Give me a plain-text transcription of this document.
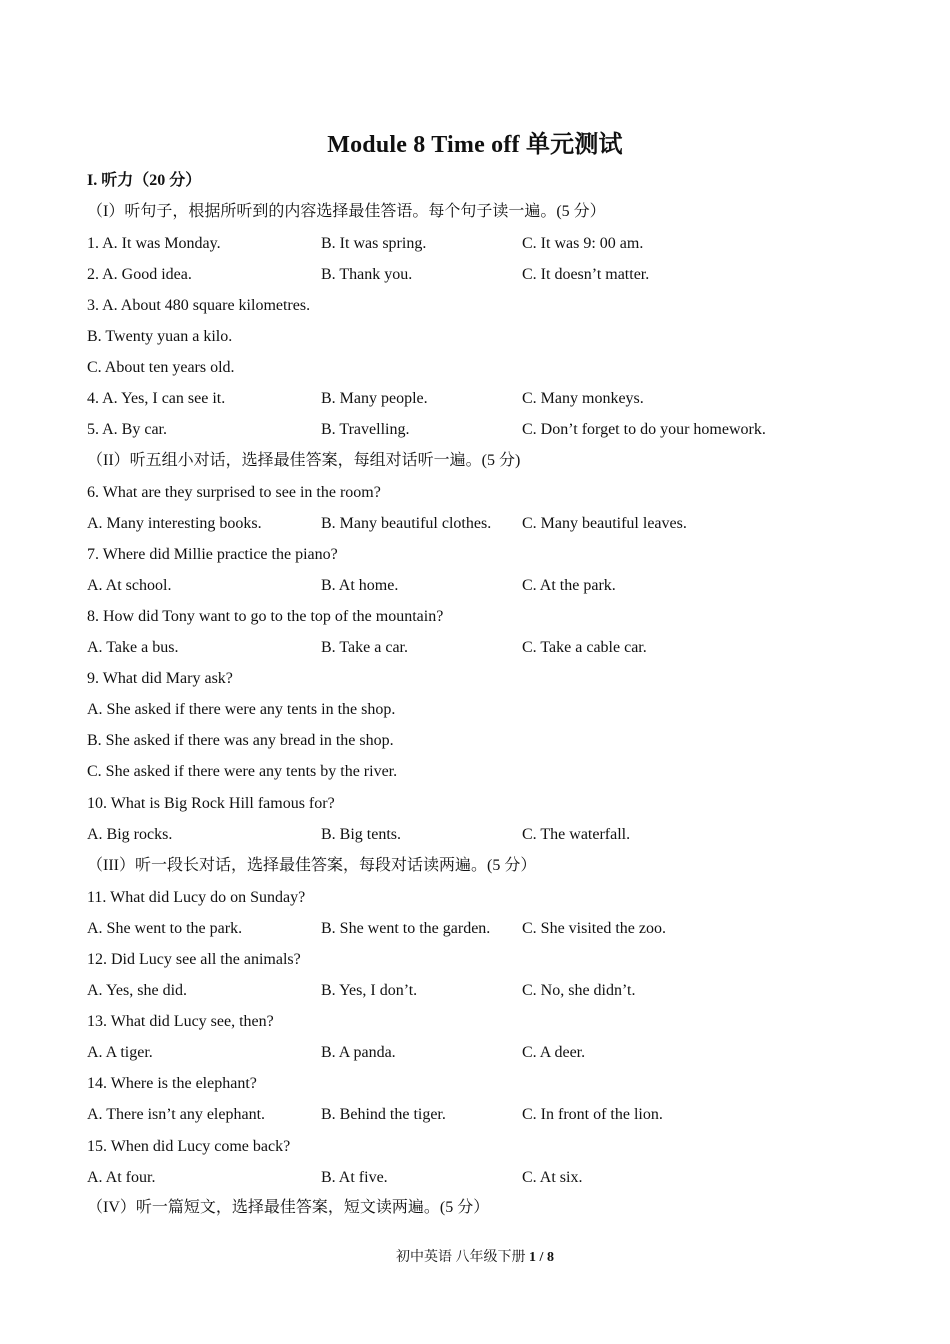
Module 8 Time off 单元测试
I. 听力（20 分）
（I）听句子，根据所听到的内容选择最佳答语。每个句子读一遍。(5 分）
1. A. It was Monday.	B. It was spring.	C. It was 9: 00 am.
2. A. Good idea.	B. Thank you.	C. It doesn’t matter.
3. A. About 480 square kilometres.
B. Twenty yuan a kilo.
C. About ten years old.
4. A. Yes, I can see it.	B. Many people.	C. Many monkeys.
5. A. By car.	B. Travelling.	C. Don’t forget to do your homework.
（II）听五组小对话，选择最佳答案，每组对话听一遍。(5 分)
6. What are they surprised to see in the room?
A. Many interesting books.	B. Many beautiful clothes. C. Many beautiful leaves.
7. Where did Millie practice the piano?
A. At school.	B. At home.	C. At the park.
8. How did Tony want to go to the top of the mountain?
A. Take a bus.	B. Take a car.	C. Take a cable car.
9. What did Mary ask?
A. She asked if there were any tents in the shop.
B. She asked if there was any bread in the shop.
C. She asked if there were any tents by the river.
10. What is Big Rock Hill famous for?
A. Big rocks.	B. Big tents.	C. The waterfall.
（III）听一段长对话，选择最佳答案，每段对话读两遍。(5 分）
11. What did Lucy do on Sunday?
A. She went to the park.	B. She went to the garden. C. She visited the zoo.
12. Did Lucy see all the animals?
A. Yes, she did.	B. Yes, I don’t.	C. No, she didn’t.
13. What did Lucy see, then?
A. A tiger.	B. A panda.	C. A deer.
14. Where is the elephant?
A. There isn’t any elephant.	B. Behind the tiger.	C. In front of the lion.
15. When did Lucy come back?
A. At four.	B. At five.	C. At six.
（IV）听一篇短文，选择最佳答案，短文读两遍。(5 分）
初中英语 八年级下册 1 / 8
